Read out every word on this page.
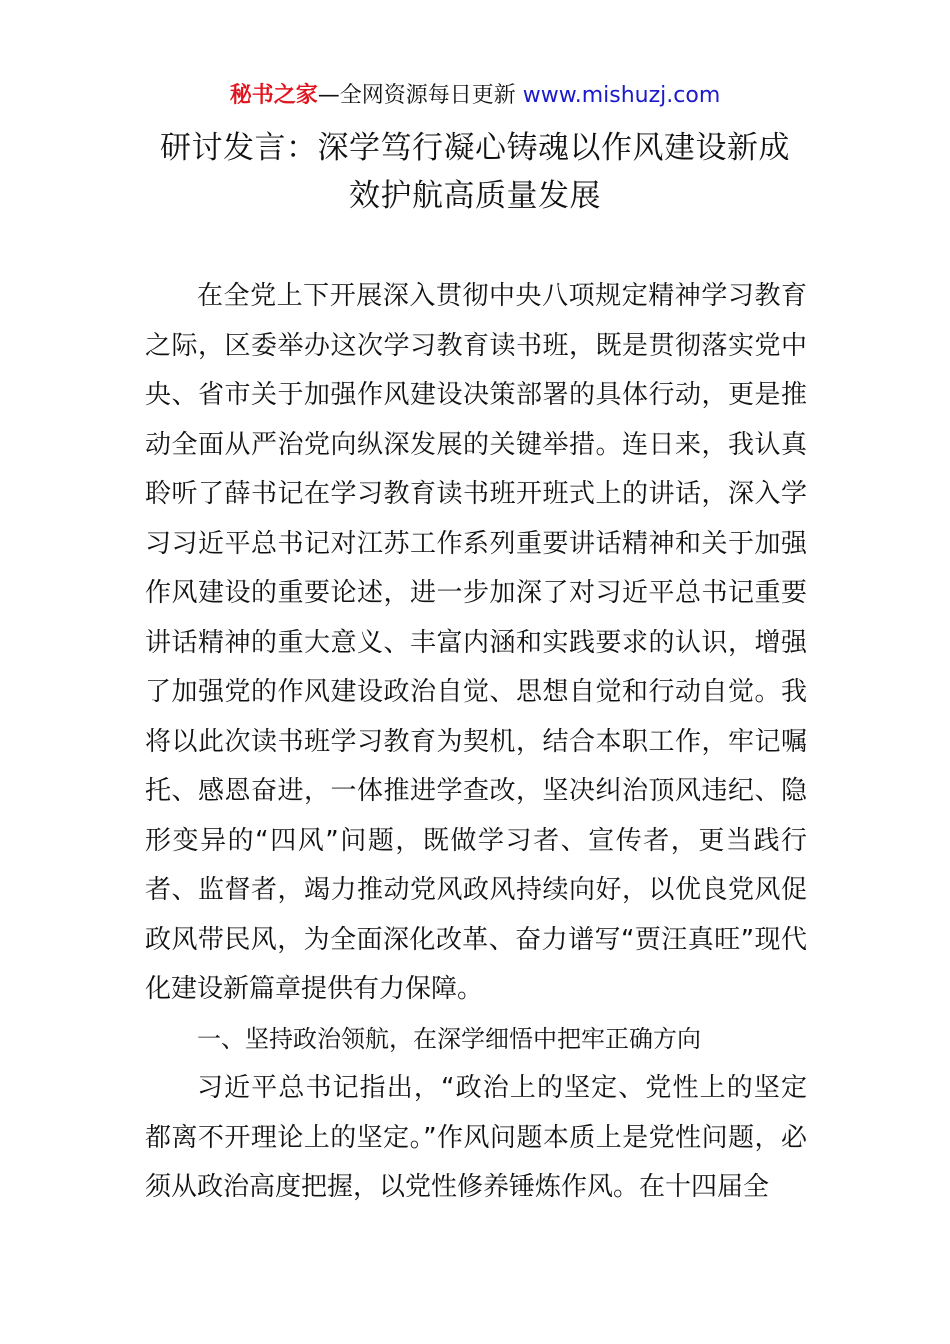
秘书之家—全网资源每日更新 www.mishuzj.com
研讨发言：深学笃行凝心铸魂以作风建设新成效护航高质量发展

在全党上下开展深入贯彻中央八项规定精神学习教育之际，区委举办这次学习教育读书班，既是贯彻落实党中央、省市关于加强作风建设决策部署的具体行动，更是推动全面从严治党向纵深发展的关键举措。连日来，我认真聆听了薛书记在学习教育读书班开班式上的讲话，深入学习习近平总书记对江苏工作系列重要讲话精神和关于加强作风建设的重要论述，进一步加深了对习近平总书记重要讲话精神的重大意义、丰富内涵和实践要求的认识，增强了加强党的作风建设政治自觉、思想自觉和行动自觉。我将以此次读书班学习教育为契机，结合本职工作，牢记嘱托、感恩奋进，一体推进学查改，坚决纠治顶风违纪、隐形变异的“四风”问题，既做学习者、宣传者，更当践行者、监督者，竭力推动党风政风持续向好，以优良党风促政风带民风，为全面深化改革、奋力谱写“贾汪真旺”现代化建设新篇章提供有力保障。

一、坚持政治领航，在深学细悟中把牢正确方向

习近平总书记指出，“政治上的坚定、党性上的坚定都离不开理论上的坚定。”作风问题本质上是党性问题，必须从政治高度把握，以党性修养锤炼作风。在十四届全
